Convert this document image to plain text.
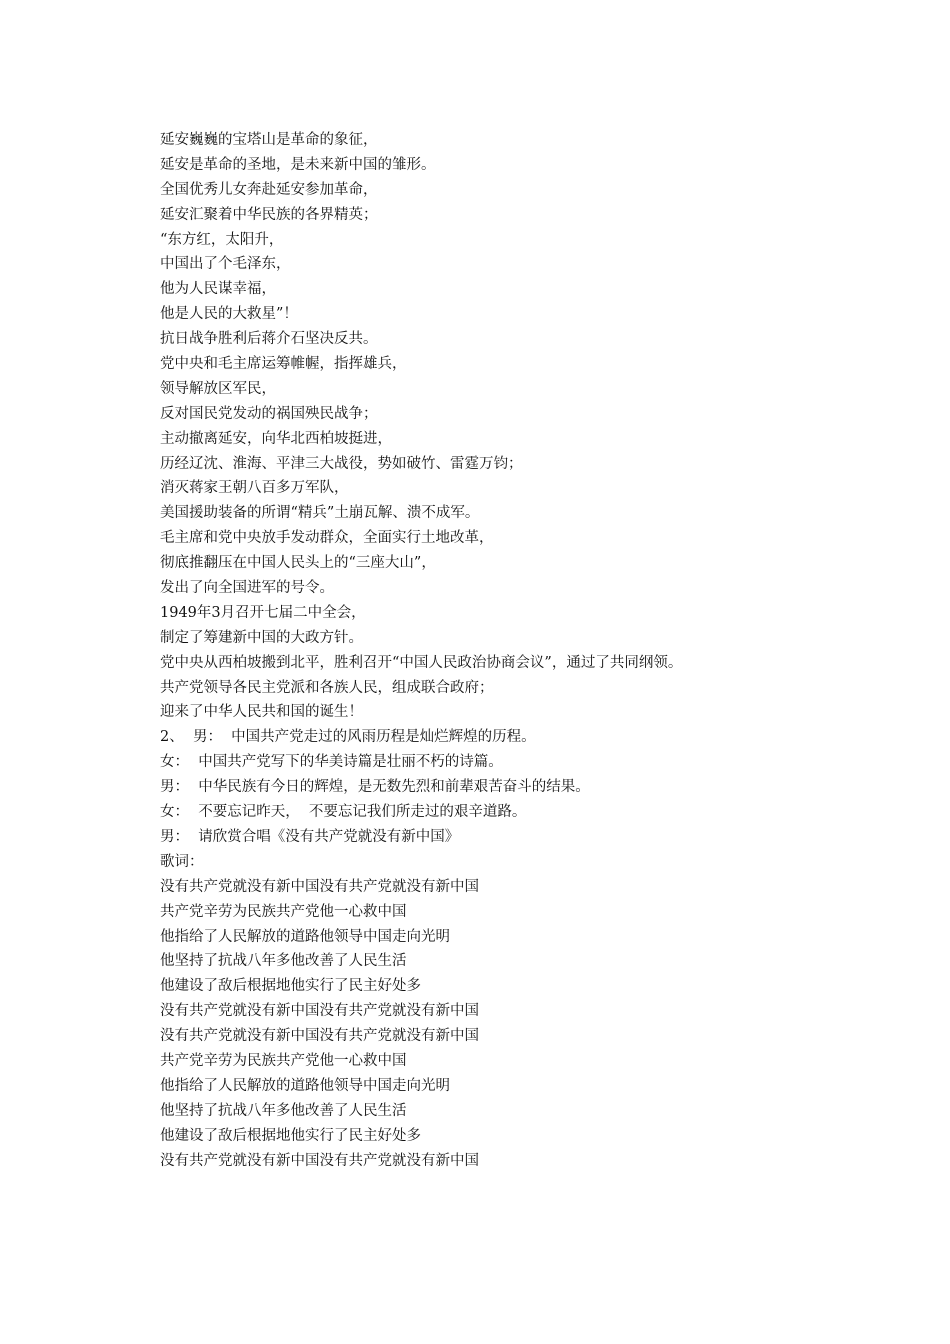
延安巍巍的宝塔山是革命的象征，
延安是革命的圣地，是未来新中国的雏形。
全国优秀儿女奔赴延安参加革命，
延安汇聚着中华民族的各界精英；
“东方红，太阳升，
中国出了个毛泽东，
他为人民谋幸福，
他是人民的大救星”！
抗日战争胜利后蒋介石坚决反共。
党中央和毛主席运筹帷幄，指挥雄兵，
领导解放区军民，
反对国民党发动的祸国殃民战争；
主动撤离延安，向华北西柏坡挺进，
历经辽沈、淮海、平津三大战役，势如破竹、雷霆万钧；
消灭蒋家王朝八百多万军队，
美国援助装备的所谓“精兵”土崩瓦解、溃不成军。
毛主席和党中央放手发动群众，全面实行土地改革，
彻底推翻压在中国人民头上的“三座大山”，
发出了向全国进军的号令。
1949年3月召开七届二中全会，
制定了筹建新中国的大政方针。
党中央从西柏坡搬到北平，胜利召开“中国人民政治协商会议”，通过了共同纲领。
共产党领导各民主党派和各族人民，组成联合政府；
迎来了中华人民共和国的诞生！
2、  男：  中国共产党走过的风雨历程是灿烂辉煌的历程。
女：  中国共产党写下的华美诗篇是壮丽不朽的诗篇。
男：  中华民族有今日的辉煌，是无数先烈和前辈艰苦奋斗的结果。
女：  不要忘记昨天，  不要忘记我们所走过的艰辛道路。
男：  请欣赏合唱《没有共产党就没有新中国》
歌词：
没有共产党就没有新中国没有共产党就没有新中国
共产党辛劳为民族共产党他一心救中国
他指给了人民解放的道路他领导中国走向光明
他坚持了抗战八年多他改善了人民生活
他建设了敌后根据地他实行了民主好处多
没有共产党就没有新中国没有共产党就没有新中国
没有共产党就没有新中国没有共产党就没有新中国
共产党辛劳为民族共产党他一心救中国
他指给了人民解放的道路他领导中国走向光明
他坚持了抗战八年多他改善了人民生活
他建设了敌后根据地他实行了民主好处多
没有共产党就没有新中国没有共产党就没有新中国
